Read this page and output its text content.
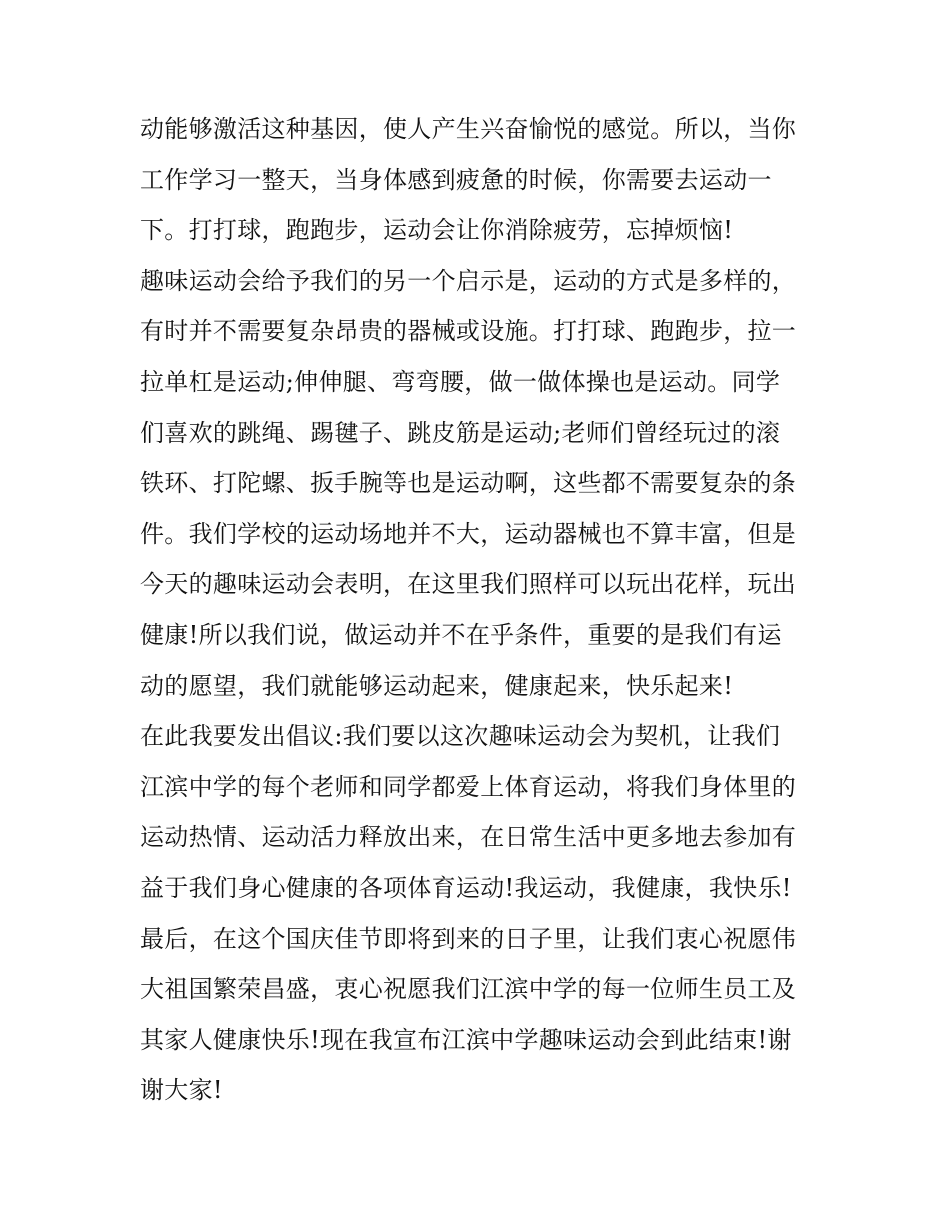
动能够激活这种基因，使人产生兴奋愉悦的感觉。所以，当你
工作学习一整天，当身体感到疲惫的时候，你需要去运动一
下。打打球，跑跑步，运动会让你消除疲劳，忘掉烦恼!
趣味运动会给予我们的另一个启示是，运动的方式是多样的，
有时并不需要复杂昂贵的器械或设施。打打球、跑跑步，拉一
拉单杠是运动;伸伸腿、弯弯腰，做一做体操也是运动。同学
们喜欢的跳绳、踢毽子、跳皮筋是运动;老师们曾经玩过的滚
铁环、打陀螺、扳手腕等也是运动啊，这些都不需要复杂的条
件。我们学校的运动场地并不大，运动器械也不算丰富，但是
今天的趣味运动会表明，在这里我们照样可以玩出花样，玩出
健康!所以我们说，做运动并不在乎条件，重要的是我们有运
动的愿望，我们就能够运动起来，健康起来，快乐起来!
在此我要发出倡议:我们要以这次趣味运动会为契机，让我们
江滨中学的每个老师和同学都爱上体育运动，将我们身体里的
运动热情、运动活力释放出来，在日常生活中更多地去参加有
益于我们身心健康的各项体育运动!我运动，我健康，我快乐!
最后，在这个国庆佳节即将到来的日子里，让我们衷心祝愿伟
大祖国繁荣昌盛，衷心祝愿我们江滨中学的每一位师生员工及
其家人健康快乐!现在我宣布江滨中学趣味运动会到此结束!谢
谢大家!
